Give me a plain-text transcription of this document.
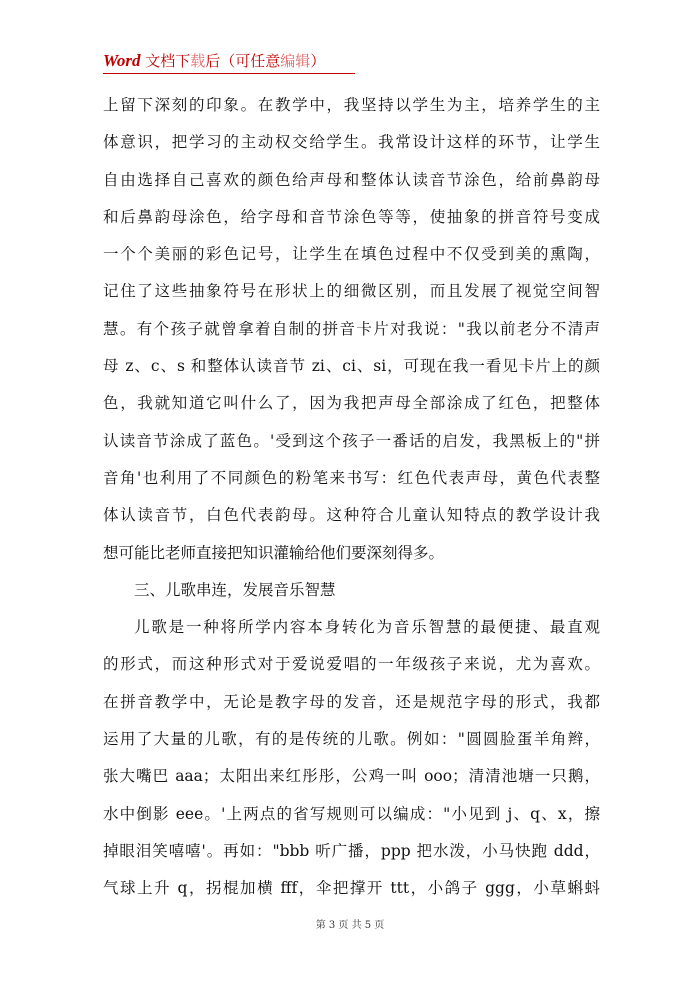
Word 文档下载后（可任意编辑）
上留下深刻的印象。在教学中，我坚持以学生为主，培养学生的主
体意识，把学习的主动权交给学生。我常设计这样的环节，让学生
自由选择自己喜欢的颜色给声母和整体认读音节涂色，给前鼻韵母
和后鼻韵母涂色，给字母和音节涂色等等，使抽象的拼音符号变成
一个个美丽的彩色记号，让学生在填色过程中不仅受到美的熏陶，
记住了这些抽象符号在形状上的细微区别，而且发展了视觉空间智
慧。有个孩子就曾拿着自制的拼音卡片对我说："我以前老分不清声
母 z、c、s 和整体认读音节 zi、ci、si，可现在我一看见卡片上的颜
色，我就知道它叫什么了，因为我把声母全部涂成了红色，把整体
认读音节涂成了蓝色。'受到这个孩子一番话的启发，我黑板上的"拼
音角'也利用了不同颜色的粉笔来书写：红色代表声母，黄色代表整
体认读音节，白色代表韵母。这种符合儿童认知特点的教学设计我
想可能比老师直接把知识灌输给他们要深刻得多。
三、儿歌串连，发展音乐智慧
儿歌是一种将所学内容本身转化为音乐智慧的最便捷、最直观
的形式，而这种形式对于爱说爱唱的一年级孩子来说，尤为喜欢。
在拼音教学中，无论是教字母的发音，还是规范字母的形式，我都
运用了大量的儿歌，有的是传统的儿歌。例如："圆圆脸蛋羊角辫，
张大嘴巴 aaa；太阳出来红彤彤，公鸡一叫 ooo；清清池塘一只鹅，
水中倒影 eee。'上两点的省写规则可以编成："小见到 j、q、x，擦
掉眼泪笑嘻嘻'。再如："bbb 听广播，ppp 把水泼，小马快跑 ddd，
气球上升 q，拐棍加横 fff，伞把撑开 ttt，小鸽子 ggg，小草蝌蚪
第 3 页 共 5 页
